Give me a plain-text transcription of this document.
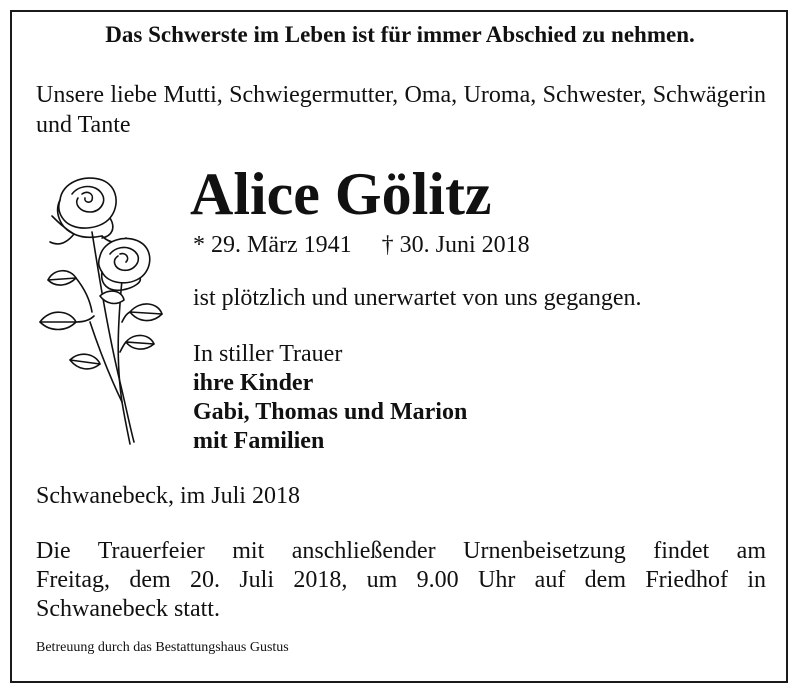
Das Schwerste im Leben ist für immer Abschied zu nehmen.
Unsere liebe Mutti, Schwiegermutter, Oma, Uroma, Schwester, Schwägerin und Tante
Alice Gölitz
* 29. März 1941 † 30. Juni 2018
ist plötzlich und unerwartet von uns gegangen.
In stiller Trauer
ihre Kinder
Gabi, Thomas und Marion
mit Familien
Schwanebeck, im Juli 2018
Die Trauerfeier mit anschließender Urnenbeisetzung findet am
Freitag, dem 20. Juli 2018, um 9.00 Uhr auf dem Friedhof in
Schwanebeck statt.
Betreuung durch das Bestattungshaus Gustus
